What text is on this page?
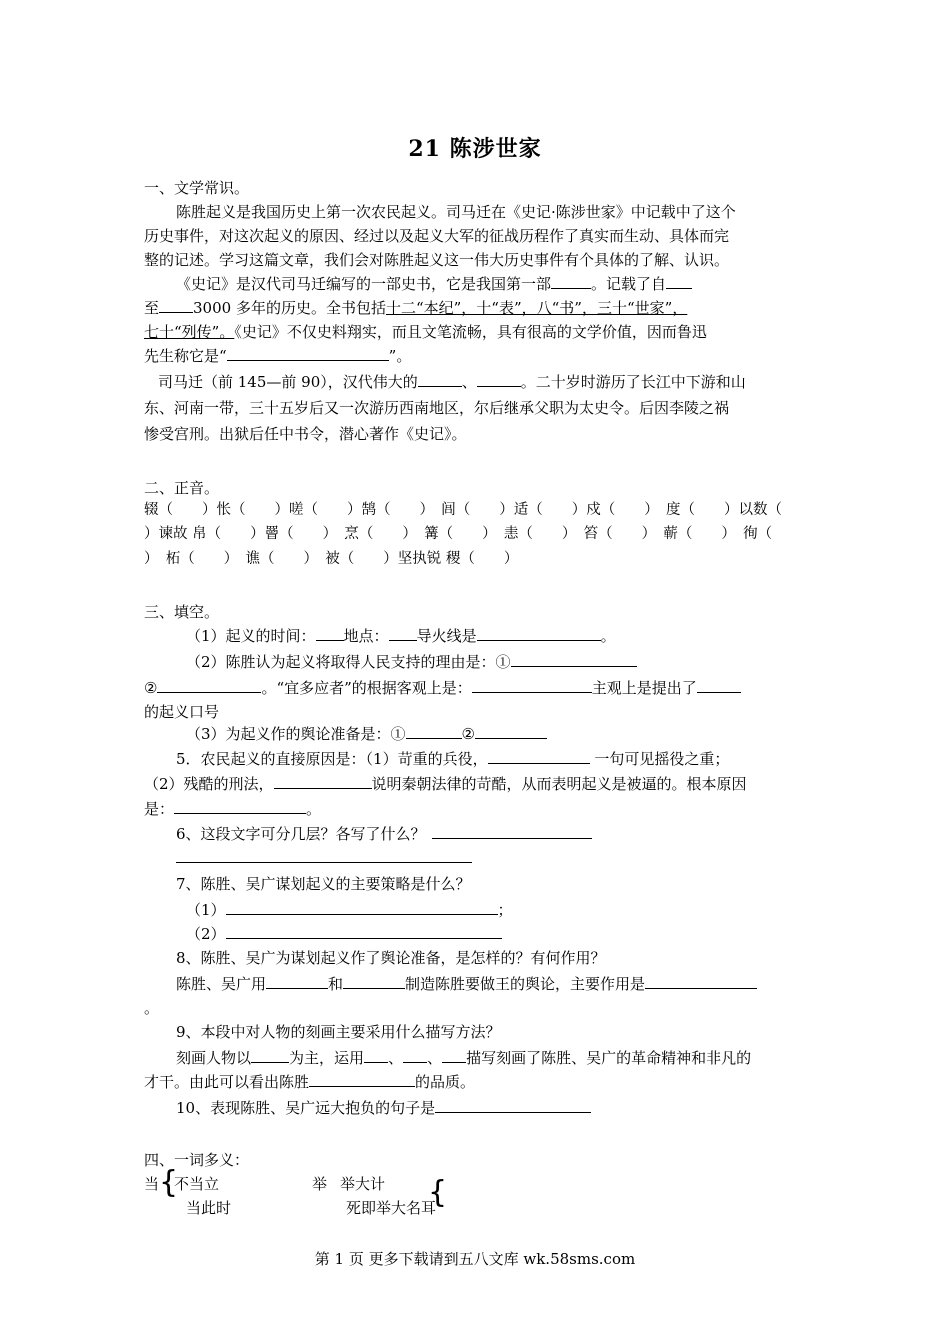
21 陈涉世家
一、文学常识。
陈胜起义是我国历史上第一次农民起义。司马迁在《史记·陈涉世家》中记载中了这个
历史事件，对这次起义的原因、经过以及起义大军的征战历程作了真实而生动、具体而完
整的记述。学习这篇文章，我们会对陈胜起义这一伟大历史事件有个具体的了解、认识。
《史记》是汉代司马迁编写的一部史书，它是我国第一部	。记载了自
至 3000 多年的历史。全书包括十二“本纪”，十“表”，八“书”，三十“世家”，
七十“列传”。《史记》不仅史料翔实，而且文笔流畅，具有很高的文学价值，因而鲁迅
先生称它是“	”。
司马迁（前 145—前 90），汉代伟大的	、	。二十岁时游历了长江中下游和山
东、河南一带，三十五岁后又一次游历西南地区，尔后继承父职为太史令。后因李陵之祸
惨受宫刑。出狱后任中书令，潜心著作《史记》。
二、正音。
辍（　　）怅（　　）嗟（　　）鹄（　　）　闾（　　）适（　　）戍（　　）　度（　　）以数（
）谏故 帛（　　）罾（　　）　烹（　　）　篝（　　）　恚（　　）　笞（　　）　蕲（　　）　徇（
）　柘（　　）　谯（　　）　被（　　）坚执锐 稷（　　）
三、填空。
（1）起义的时间： 地点： 导火线是	。
（2）陈胜认为起义将取得人民支持的理由是：①
②	。“宜多应者”的根据客观上是：	主观上是提出了
的起义口号
（3）为起义作的舆论准备是：①	②
5．农民起义的直接原因是：（1）苛重的兵役，	一句可见摇役之重；
（2）残酷的刑法，	说明秦朝法律的苛酷，从而表明起义是被逼的。根本原因
是：	。
6、这段文字可分几层？各写了什么？
7、陈胜、吴广谋划起义的主要策略是什么？
（1）	；
（2）
8、陈胜、吴广为谋划起义作了舆论准备，是怎样的？有何作用？
陈胜、吴广用	和	制造陈胜要做王的舆论，主要作用是
。
9、本段中对人物的刻画主要采用什么描写方法？
刻画人物以	为主，运用 、 、 描写刻画了陈胜、吴广的革命精神和非凡的
才干。由此可以看出陈胜	的品质。
10、表现陈胜、吴广远大抱负的句子是
四、一词多义：
当 {
不当立
当此时
举 举大计
死即举大名耳
{
第 1 页 更多下载请到五八文库 wk.58sms.com
